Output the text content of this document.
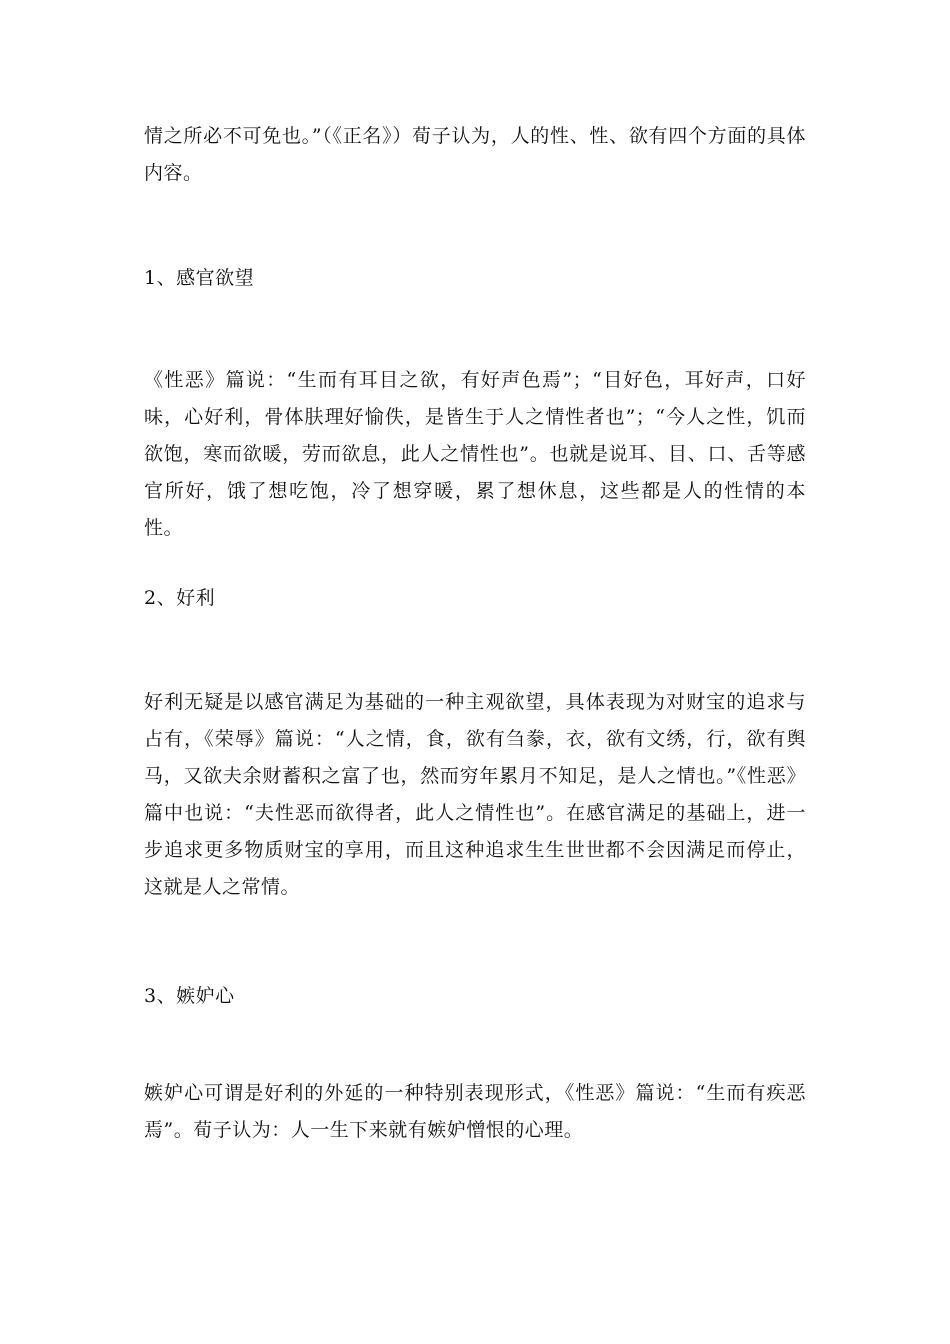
情之所必不可免也。”（《正名》）荀子认为，人的性、性、欲有四个方面的具体内容。

1、感官欲望

《性恶》篇说：“生而有耳目之欲，有好声色焉”；“目好色，耳好声，口好味，心好利，骨体肤理好愉佚，是皆生于人之情性者也”；“今人之性，饥而欲饱，寒而欲暖，劳而欲息，此人之情性也”。也就是说耳、目、口、舌等感官所好，饿了想吃饱，冷了想穿暖，累了想休息，这些都是人的性情的本性。

2、好利

好利无疑是以感官满足为基础的一种主观欲望，具体表现为对财宝的追求与占有，《荣辱》篇说：“人之情，食，欲有刍豢，衣，欲有文绣，行，欲有舆马，又欲夫余财蓄积之富了也，然而穷年累月不知足，是人之情也。”《性恶》篇中也说：“夫性恶而欲得者，此人之情性也”。在感官满足的基础上，进一步追求更多物质财宝的享用，而且这种追求生生世世都不会因满足而停止，这就是人之常情。

3、嫉妒心

嫉妒心可谓是好利的外延的一种特别表现形式，《性恶》篇说：“生而有疾恶焉”。荀子认为：人一生下来就有嫉妒憎恨的心理。
